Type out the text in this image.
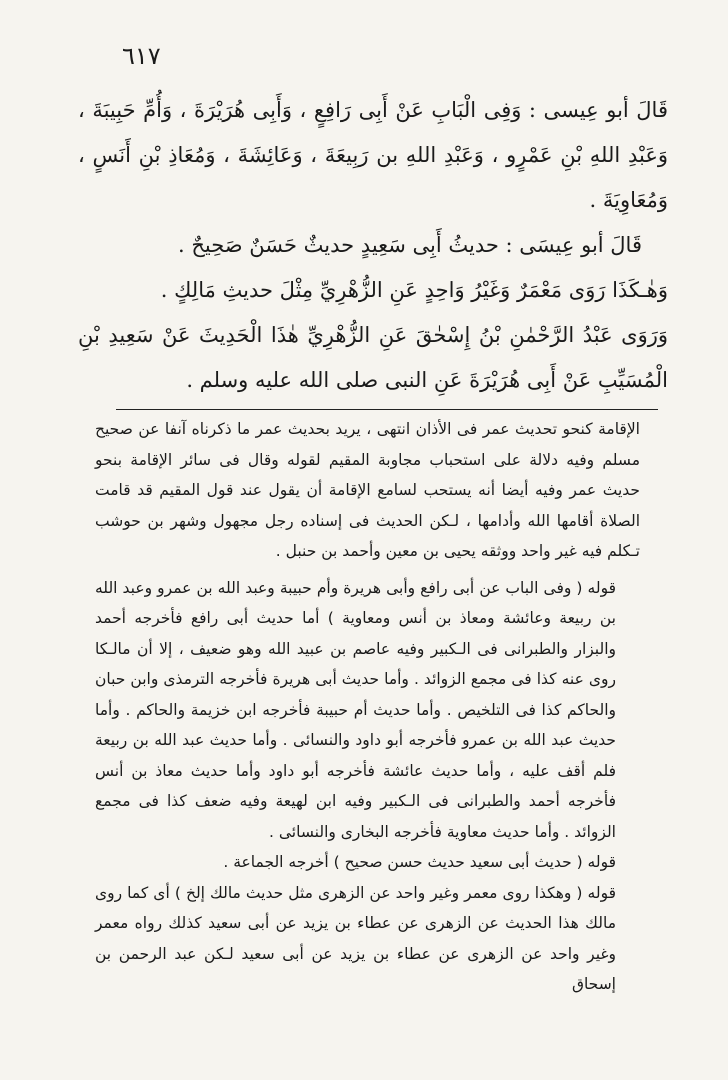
٦١٧

قَالَ أبو عِيسى : وَفِى الْبَابِ عَنْ أَبِى رَافِعٍ ، وَأَبِى هُرَيْرَةَ ، وَأُمِّ حَبِيبَةَ ، وَعَبْدِ اللهِ بْنِ عَمْرٍو ، وَعَبْدِ اللهِ بن رَبِيعَةَ ، وَعَائِشَةَ ، وَمُعَاذِ بْنِ أَنَسٍ ، وَمُعَاوِيَةَ .

قَالَ أبو عِيسَى : حديثُ أَبِى سَعِيدٍ حديثٌ حَسَنٌ صَحِيحٌ .

وَهٰـكَذَا رَوَى مَعْمَرٌ وَغَيْرُ وَاحِدٍ عَنِ الزُّهْرِيِّ مِثْلَ حديثِ مَالِكٍ .

وَرَوَى عَبْدُ الرَّحْمٰنِ بْنُ إِسْحٰقَ عَنِ الزُّهْرِيِّ هٰذَا الْحَدِيثَ عَنْ سَعِيدِ بْنِ الْمُسَيِّبِ عَنْ أَبِى هُرَيْرَةَ عَنِ النبى صلى الله عليه وسلم .

الإقامة كنحو تحديث عمر فى الأذان انتهى ، يريد بحديث عمر ما ذكرناه آنفا عن صحيح مسلم وفيه دلالة على استحباب مجاوبة المقيم لقوله وقال فى سائر الإقامة بنحو حديث عمر وفيه أيضا أنه يستحب لسامع الإقامة أن يقول عند قول المقيم قد قامت الصلاة أقامها الله وأدامها ، لـكن الحديث فى إسناده رجل مجهول وشهر بن حوشب تـكلم فيه غير واحد ووثقه يحيى بن معين وأحمد بن حنبل .

قوله ( وفى الباب عن أبى رافع وأبى هريرة وأم حبيبة وعبد الله بن عمرو وعبد الله بن ربيعة وعائشة ومعاذ بن أنس ومعاوية ) أما حديث أبى رافع فأخرجه أحمد والبزار والطبرانى فى الـكبير وفيه عاصم بن عبيد الله وهو ضعيف ، إلا أن مالـكا روى عنه كذا فى مجمع الزوائد . وأما حديث أبى هريرة فأخرجه الترمذى وابن حبان والحاكم كذا فى التلخيص . وأما حديث أم حبيبة فأخرجه ابن خزيمة والحاكم . وأما حديث عبد الله بن عمرو فأخرجه أبو داود والنسائى . وأما حديث عبد الله بن ربيعة فلم أقف عليه ، وأما حديث عائشة فأخرجه أبو داود وأما حديث معاذ بن أنس فأخرجه أحمد والطبرانى فى الـكبير وفيه ابن لهيعة وفيه ضعف كذا فى مجمع الزوائد . وأما حديث معاوية فأخرجه البخارى والنسائى .

قوله ( حديث أبى سعيد حديث حسن صحيح ) أخرجه الجماعة .

قوله ( وهكذا روى معمر وغير واحد عن الزهرى مثل حديث مالك إلخ ) أى كما روى مالك هذا الحديث عن الزهرى عن عطاء بن يزيد عن أبى سعيد كذلك رواه معمر وغير واحد عن الزهرى عن عطاء بن يزيد عن أبى سعيد لـكن عبد الرحمن بن إسحاق
